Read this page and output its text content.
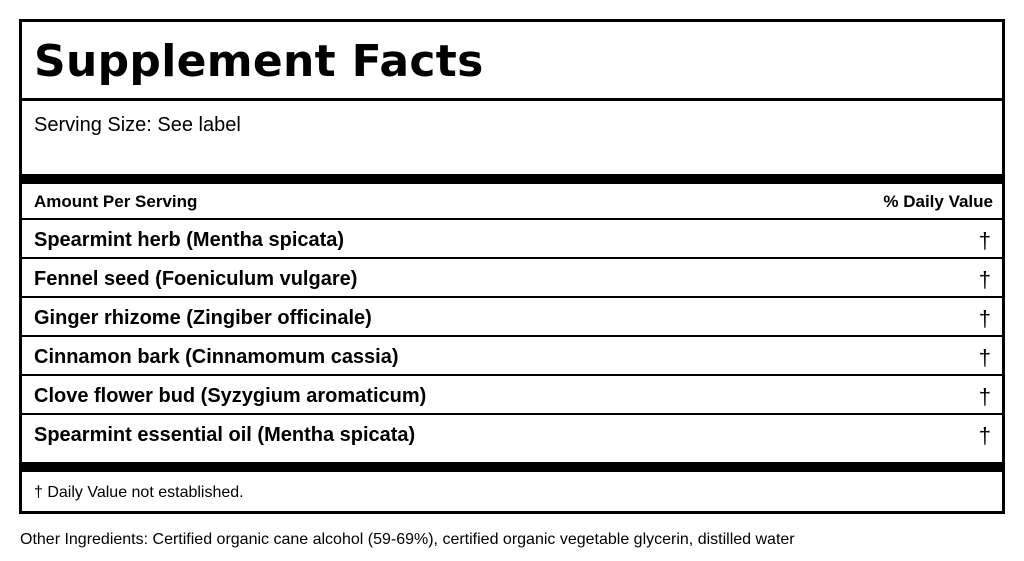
Supplement Facts
Serving Size: See label
Amount Per Serving	% Daily Value
Spearmint herb (Mentha spicata)	†
Fennel seed (Foeniculum vulgare)	†
Ginger rhizome (Zingiber officinale)	†
Cinnamon bark (Cinnamomum cassia)	†
Clove flower bud (Syzygium aromaticum)	†
Spearmint essential oil (Mentha spicata)	†
† Daily Value not established.
Other Ingredients: Certified organic cane alcohol (59-69%), certified organic vegetable glycerin, distilled water
